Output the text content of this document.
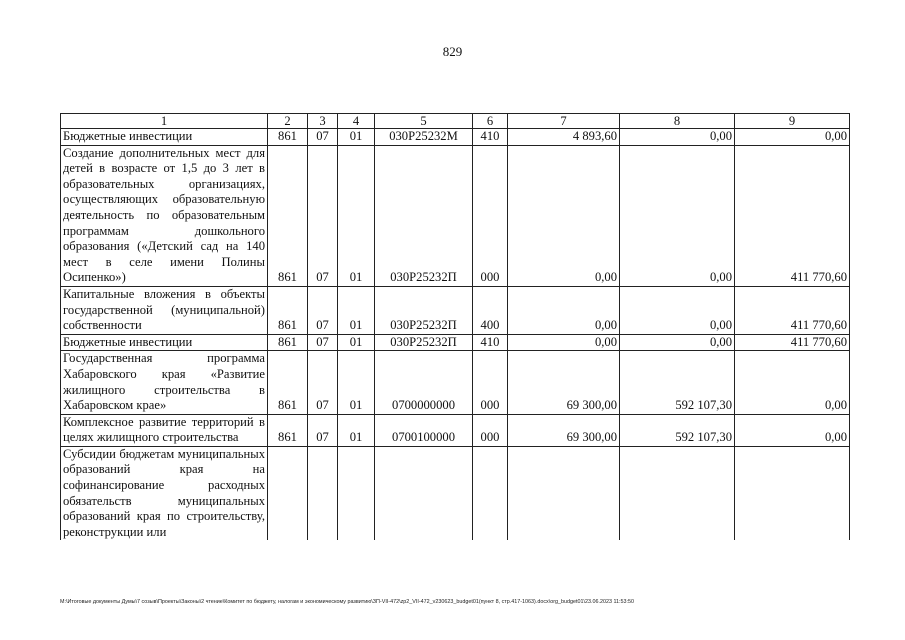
829
1	2	3	4	5	6	7	8	9
Бюджетные инвестиции	861	07	01	030P25232M	410	4 893,60	0,00	0,00
Создание дополнительных мест для детей в возрасте от 1,5 до 3 лет в образовательных организациях, осуществляющих образовательную деятельность по образовательным программам дошкольного образования («Детский сад на 140 мест в селе имени Полины Осипенко»)	861	07	01	030P25232П	000	0,00	0,00	411 770,60
Капитальные вложения в объекты государственной (муниципальной) собственности	861	07	01	030P25232П	400	0,00	0,00	411 770,60
Бюджетные инвестиции	861	07	01	030P25232П	410	0,00	0,00	411 770,60
Государственная программа Хабаровского края «Развитие жилищного строительства в Хабаровском крае»	861	07	01	0700000000	000	69 300,00	592 107,30	0,00
Комплексное развитие территорий в целях жилищного строительства	861	07	01	0700100000	000	69 300,00	592 107,30	0,00
Субсидии бюджетам муниципальных образований края на софинансирование расходных обязательств муниципальных образований края по строительству, реконструкции или								
M:\Итоговые документы Думы\7 созыв\Проекты\Законы\2 чтение\Комитет по бюджету, налогам и экономическому развитию\ЗП-VII-472\zp2_VII-472_v230623_budget01(пункт 8, стр.417-1063).docx\org_budget01\23.06.2023 11:53:50
